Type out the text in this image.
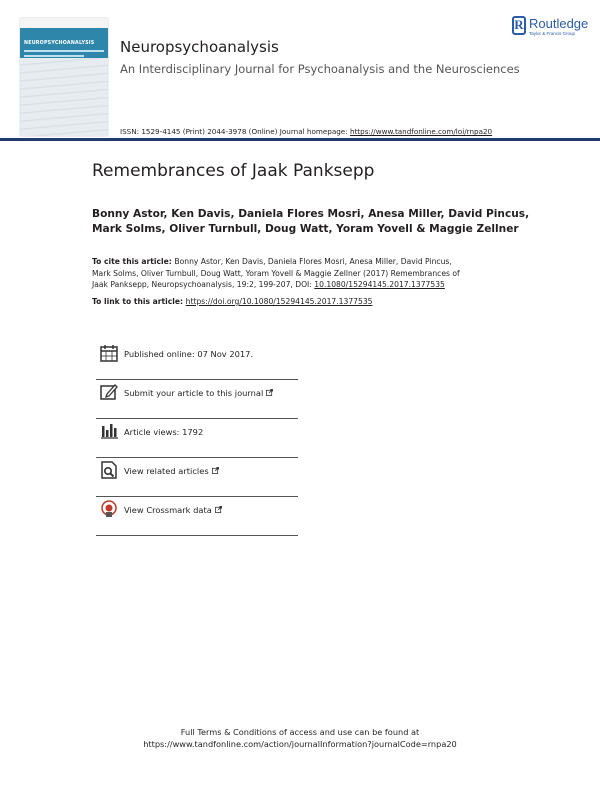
NEUROPSYCHOANALYSIS
R Routledge
Taylor & Francis Group
Neuropsychoanalysis
An Interdisciplinary Journal for Psychoanalysis and the Neurosciences
ISSN: 1529-4145 (Print) 2044-3978 (Online) Journal homepage: https://www.tandfonline.com/loi/rnpa20
Remembrances of Jaak Panksepp
Bonny Astor, Ken Davis, Daniela Flores Mosri, Anesa Miller, David Pincus,
Mark Solms, Oliver Turnbull, Doug Watt, Yoram Yovell & Maggie Zellner
To cite this article: Bonny Astor, Ken Davis, Daniela Flores Mosri, Anesa Miller, David Pincus,
Mark Solms, Oliver Turnbull, Doug Watt, Yoram Yovell & Maggie Zellner (2017) Remembrances of
Jaak Panksepp, Neuropsychoanalysis, 19:2, 199-207, DOI: 10.1080/15294145.2017.1377535
To link to this article: https://doi.org/10.1080/15294145.2017.1377535
Published online: 07 Nov 2017.
Submit your article to this journal
Article views: 1792
View related articles
View Crossmark data
Full Terms & Conditions of access and use can be found at
https://www.tandfonline.com/action/journalInformation?journalCode=rnpa20
